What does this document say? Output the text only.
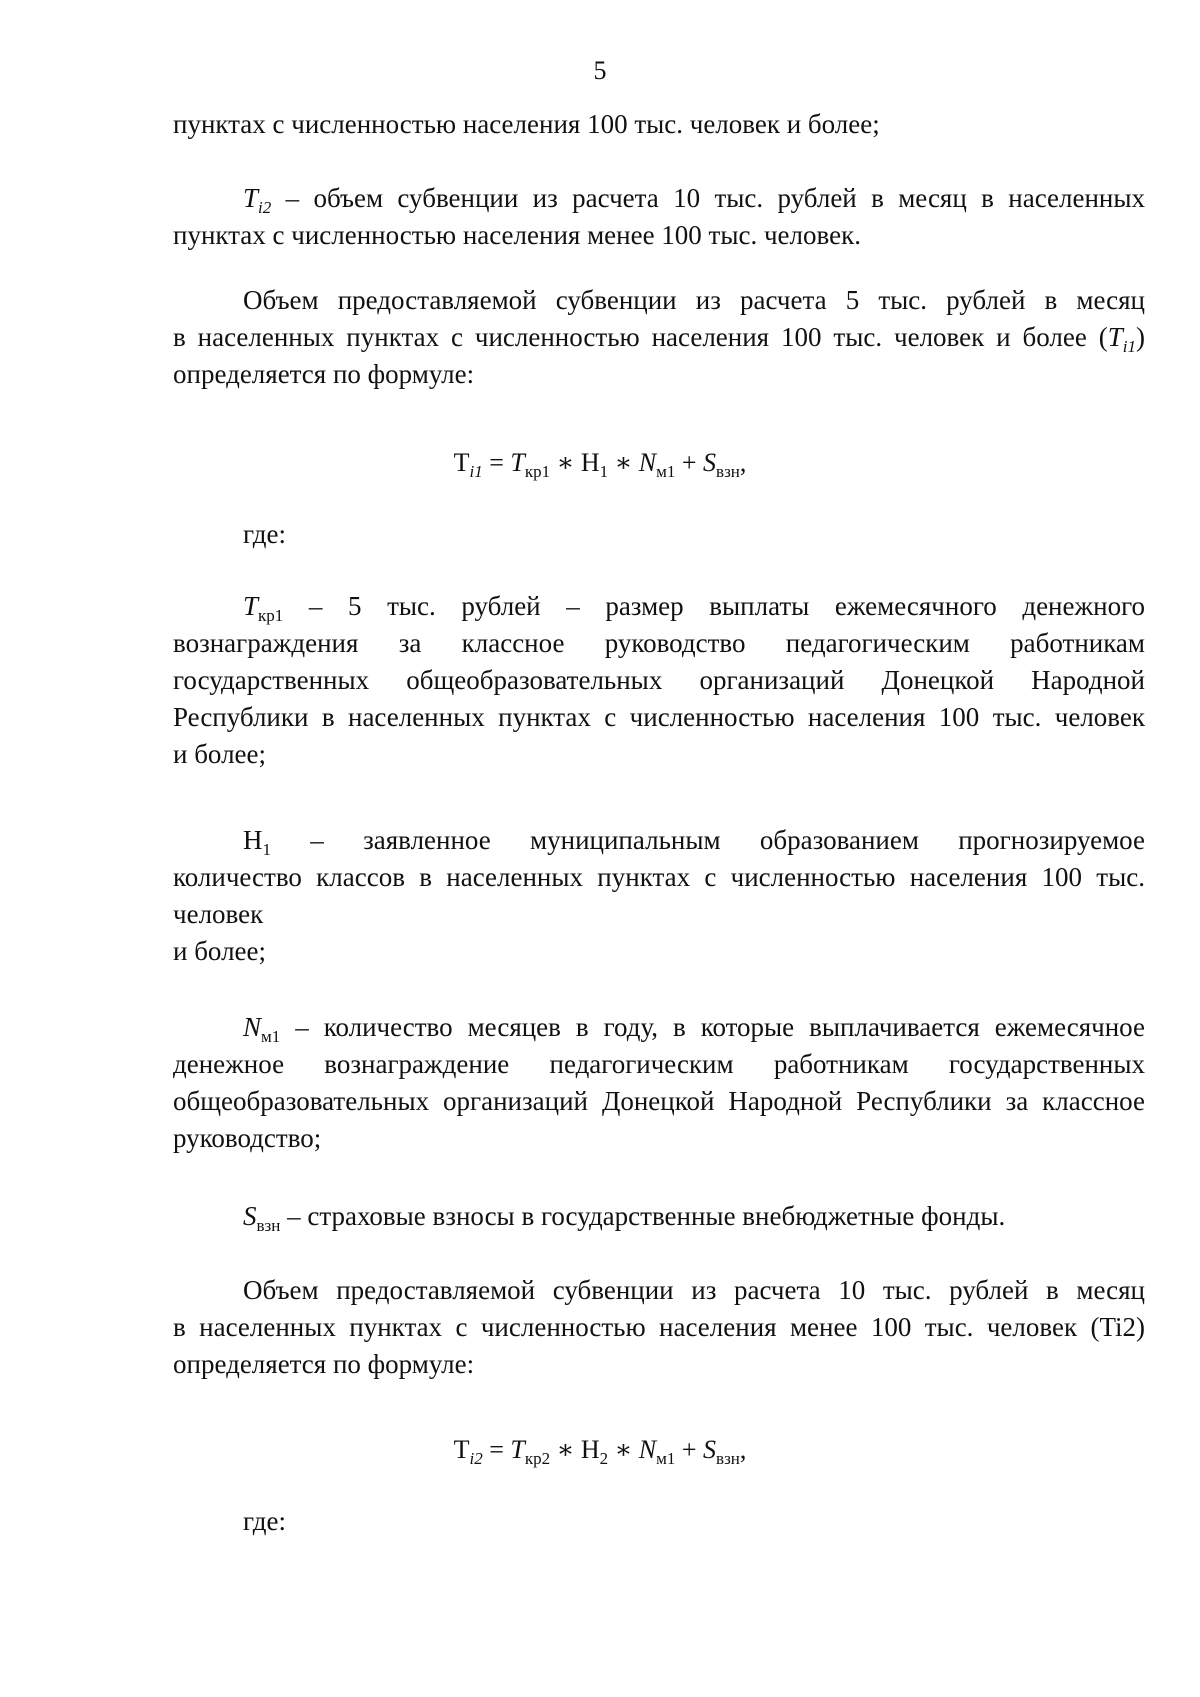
5
пунктах с численностью населения 100 тыс. человек и более;
$T_{i2}$ – объем субвенции из расчета 10 тыс. рублей в месяц в населенных
пунктах с численностью населения менее 100 тыс. человек.
Объем предоставляемой субвенции из расчета 5 тыс. рублей в месяц
в населенных пунктах с численностью населения 100 тыс. человек и более $(T_{i1})$
определяется по формуле:
$Т_{i1} = T_{кр1}$ ∗ $Н_1$ ∗ $N_{м1} + S_{взн}$,
где:
$T_{кр1} - 5$ тыс. рублей – размер выплаты ежемесячного денежного
вознаграждения за классное руководство педагогическим работникам
государственных общеобразовательных организаций Донецкой Народной
Республики в населенных пунктах с численностью населения 100 тыс. человек
и более;
$Н_1$ – заявленное муниципальным образованием прогнозируемое
количество классов в населенных пунктах с численностью населения 100 тыс.
человек
и более;
$N_{м1}$ – количество месяцев в году, в которые выплачивается ежемесячное
денежное вознаграждение педагогическим работникам государственных
общеобразовательных организаций Донецкой Народной Республики за классное
руководство;
$S_{взн}$ – страховые взносы в государственные внебюджетные фонды.
Объем предоставляемой субвенции из расчета 10 тыс. рублей в месяц
в населенных пунктах с численностью населения менее 100 тыс. человек (Ti2)
определяется по формуле:
$Т_{i2} = T_{кр2}$ ∗ $Н_2$ ∗ $N_{м1} + S_{взн}$,
где:
